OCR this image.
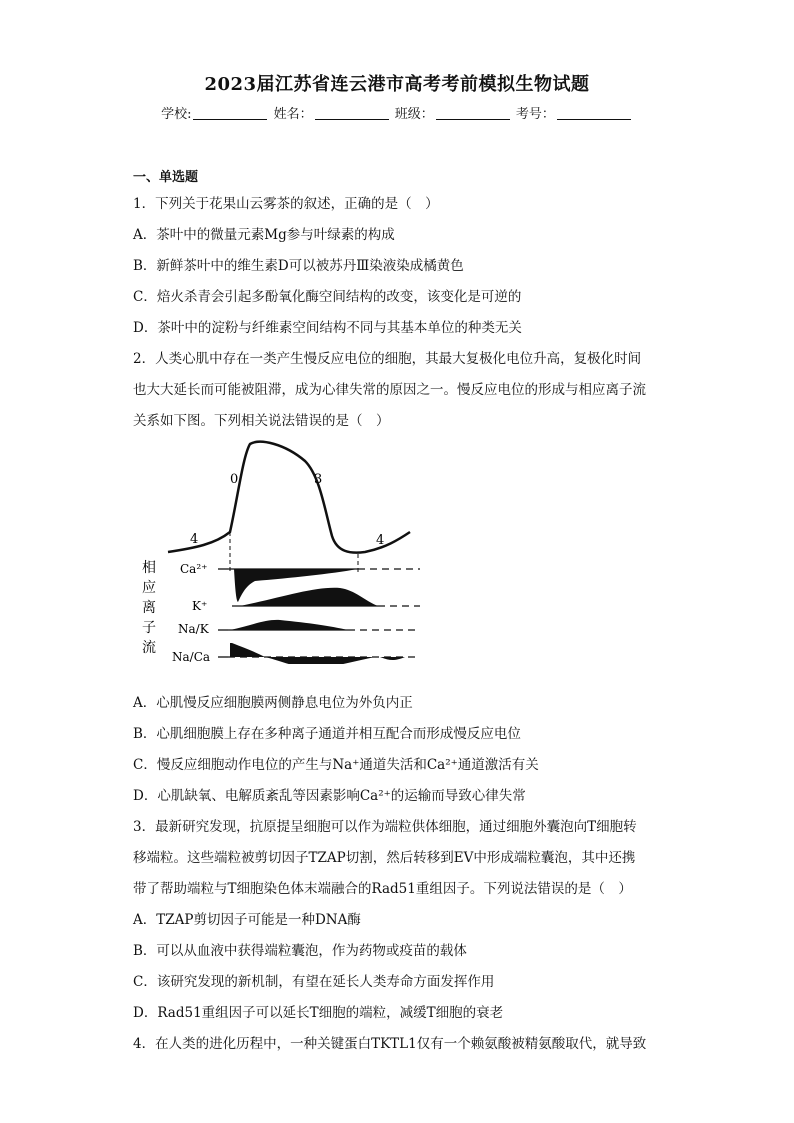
2023届江苏省连云港市高考考前模拟生物试题
学校:	姓名：	班级：	考号：
一、单选题
1．下列关于花果山云雾茶的叙述，正确的是（　）
A．茶叶中的微量元素Mg参与叶绿素的构成
B．新鲜茶叶中的维生素D可以被苏丹Ⅲ染液染成橘黄色
C．焙火杀青会引起多酚氧化酶空间结构的改变，该变化是可逆的
D．茶叶中的淀粉与纤维素空间结构不同与其基本单位的种类无关
2．人类心肌中存在一类产生慢反应电位的细胞，其最大复极化电位升高，复极化时间
也大大延长而可能被阻滞，成为心律失常的原因之一。慢反应电位的形成与相应离子流
关系如下图。下列相关说法错误的是（　）
A．心肌慢反应细胞膜两侧静息电位为外负内正
B．心肌细胞膜上存在多种离子通道并相互配合而形成慢反应电位
C．慢反应细胞动作电位的产生与Na⁺通道失活和Ca²⁺通道激活有关
D．心肌缺氧、电解质紊乱等因素影响Ca²⁺的运输而导致心律失常
3．最新研究发现，抗原提呈细胞可以作为端粒供体细胞，通过细胞外囊泡向T细胞转
移端粒。这些端粒被剪切因子TZAP切割，然后转移到EV中形成端粒囊泡，其中还携
带了帮助端粒与T细胞染色体末端融合的Rad51重组因子。下列说法错误的是（　）
A．TZAP剪切因子可能是一种DNA酶
B．可以从血液中获得端粒囊泡，作为药物或疫苗的载体
C．该研究发现的新机制，有望在延长人类寿命方面发挥作用
D．Rad51重组因子可以延长T细胞的端粒，减缓T细胞的衰老
4．在人类的进化历程中，一种关键蛋白TKTL1仅有一个赖氨酸被精氨酸取代，就导致
0	3
4	4
相
应
离
子
流
Ca²⁺
K⁺
Na/K
Na/Ca
